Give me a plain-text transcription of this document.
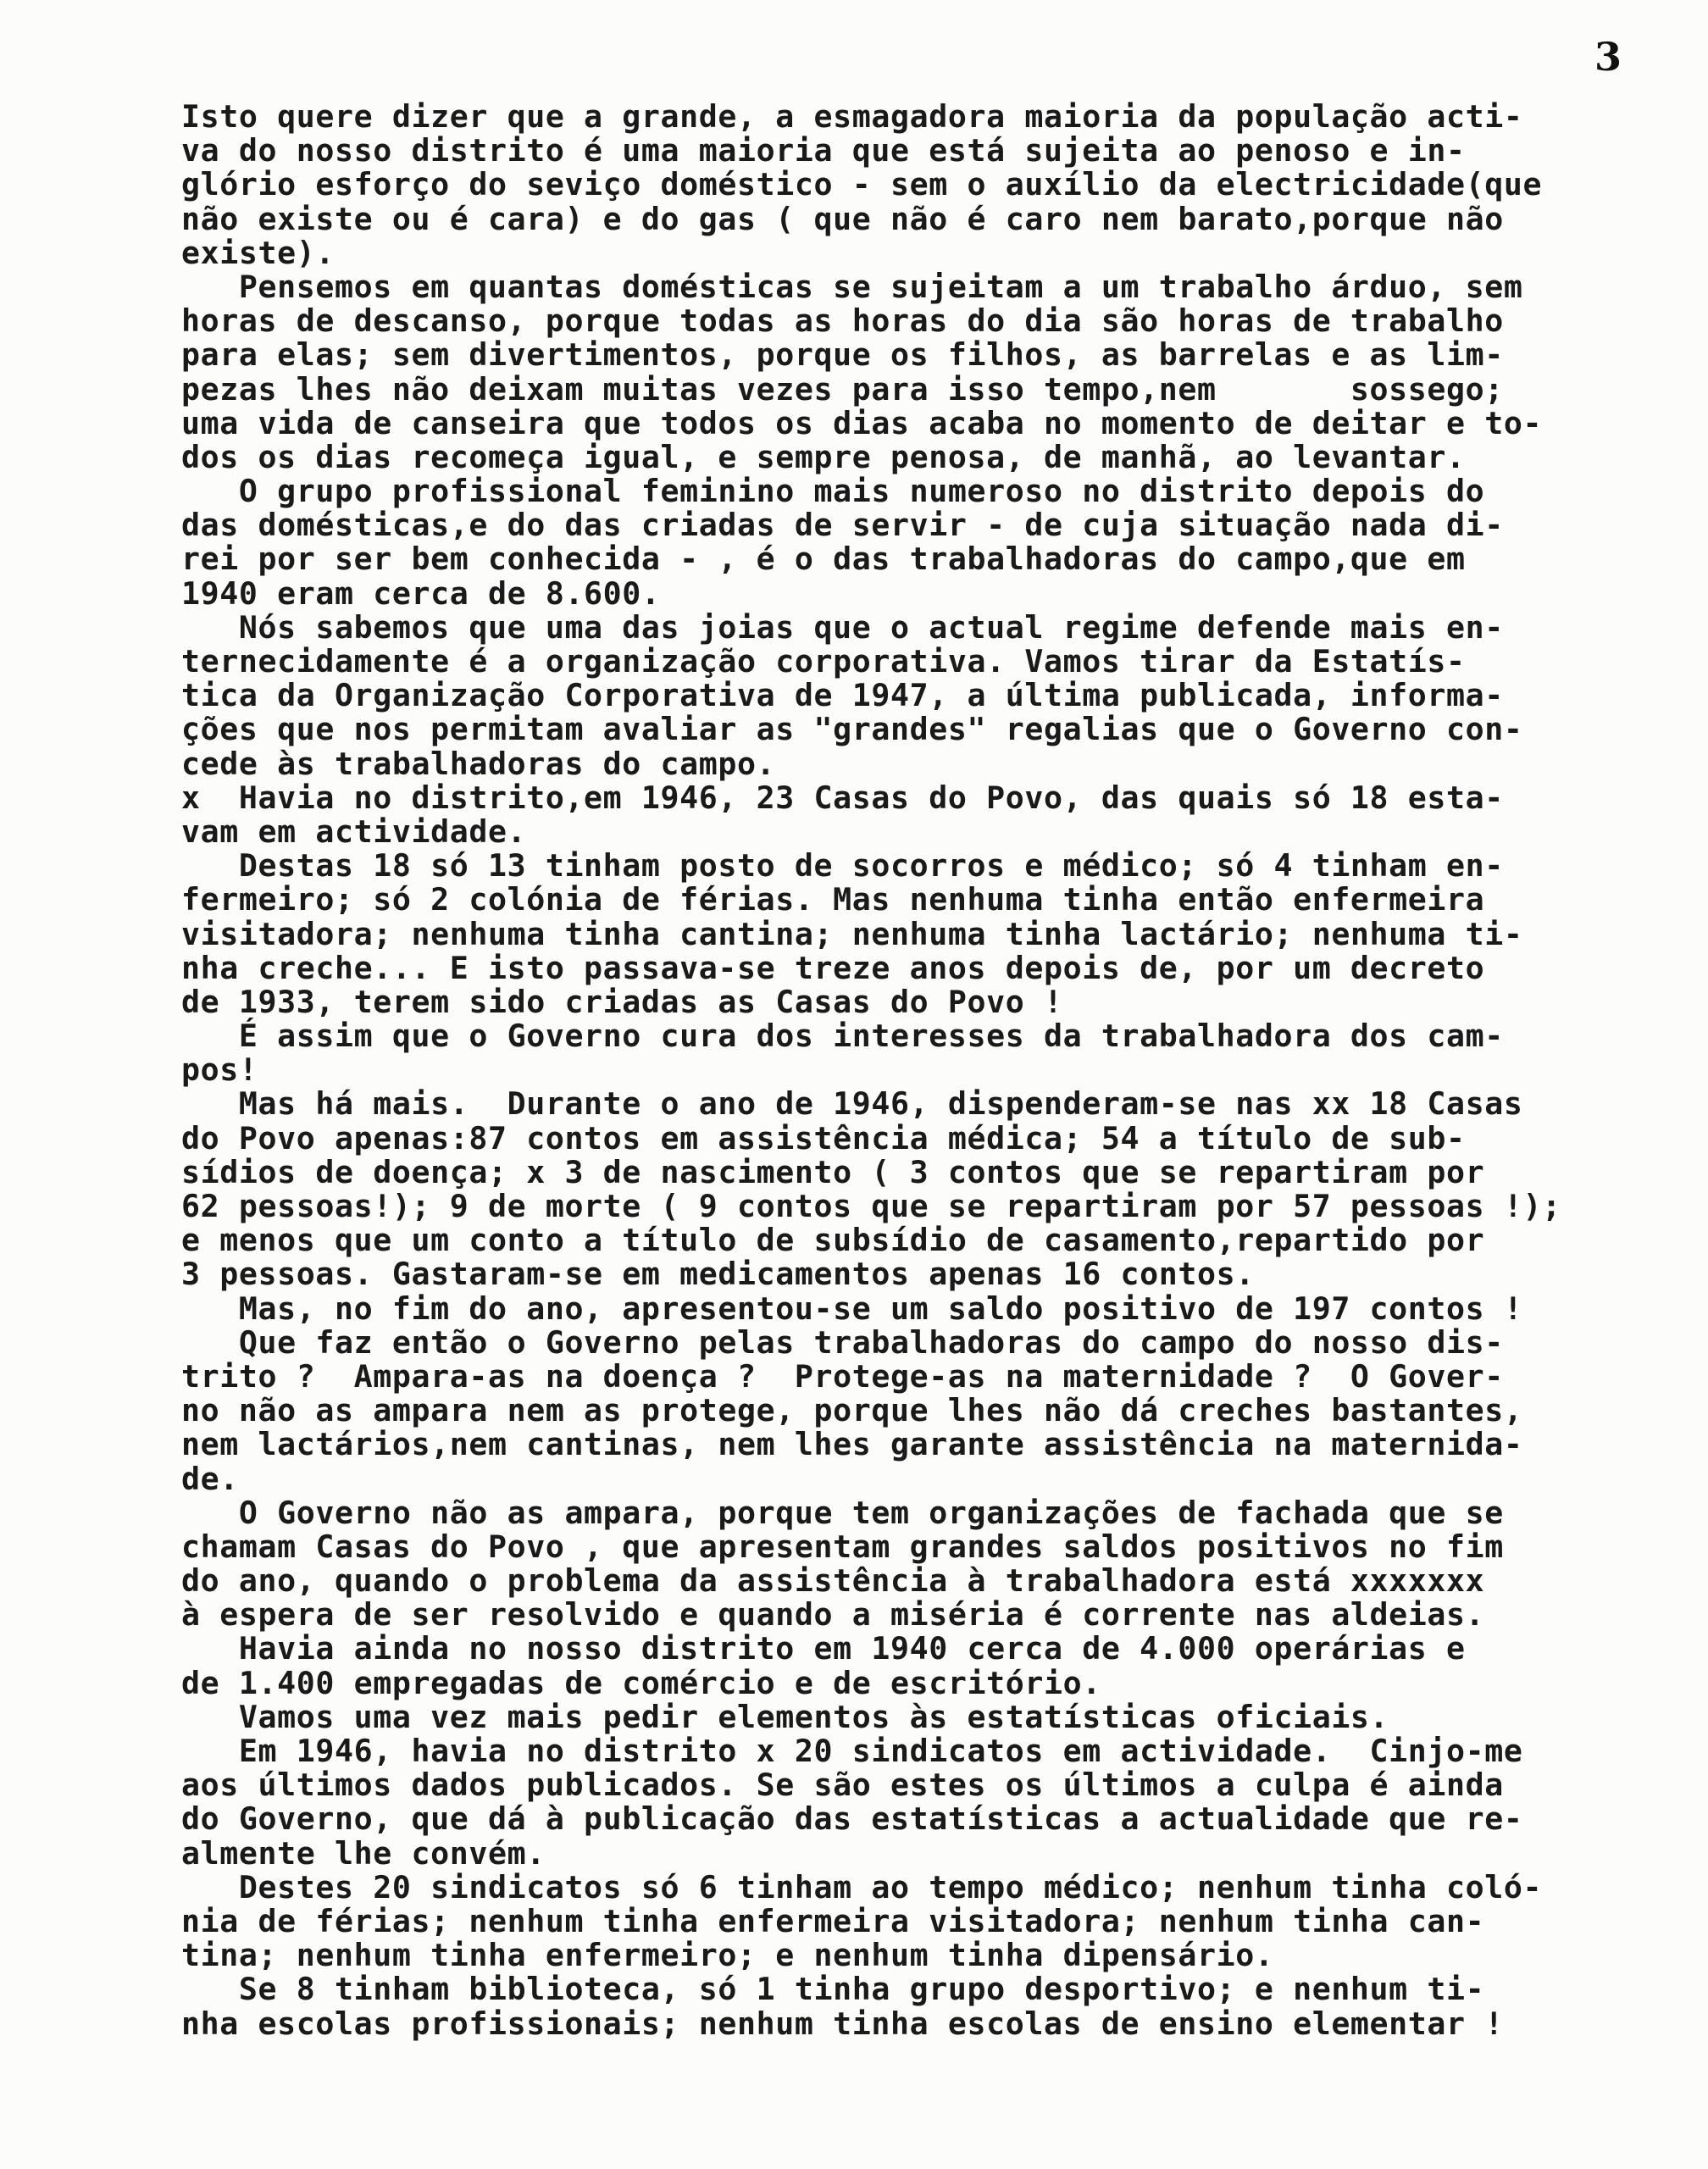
3
Isto quere dizer que a grande, a esmagadora maioria da população acti-
va do nosso distrito é uma maioria que está sujeita ao penoso e in-
glório esforço do seviço doméstico - sem o auxílio da electricidade(que
não existe ou é cara) e do gas ( que não é caro nem barato,porque não
existe).
Pensemos em quantas domésticas se sujeitam a um trabalho árduo, sem
horas de descanso, porque todas as horas do dia são horas de trabalho
para elas; sem divertimentos, porque os filhos, as barrelas e as lim-
pezas lhes não deixam muitas vezes para isso tempo,nem       sossego;
uma vida de canseira que todos os dias acaba no momento de deitar e to-
dos os dias recomeça igual, e sempre penosa, de manhã, ao levantar.
O grupo profissional feminino mais numeroso no distrito depois do
das domésticas,e do das criadas de servir - de cuja situação nada di-
rei por ser bem conhecida - , é o das trabalhadoras do campo,que em
1940 eram cerca de 8.600.
Nós sabemos que uma das joias que o actual regime defende mais en-
ternecidamente é a organização corporativa. Vamos tirar da Estatís-
tica da Organização Corporativa de 1947, a última publicada, informa-
ções que nos permitam avaliar as "grandes" regalias que o Governo con-
cede às trabalhadoras do campo.
x  Havia no distrito,em 1946, 23 Casas do Povo, das quais só 18 esta-
vam em actividade.
Destas 18 só 13 tinham posto de socorros e médico; só 4 tinham en-
fermeiro; só 2 colónia de férias. Mas nenhuma tinha então enfermeira
visitadora; nenhuma tinha cantina; nenhuma tinha lactário; nenhuma ti-
nha creche... E isto passava-se treze anos depois de, por um decreto
de 1933, terem sido criadas as Casas do Povo !
É assim que o Governo cura dos interesses da trabalhadora dos cam-
pos!
Mas há mais.  Durante o ano de 1946, dispenderam-se nas xx 18 Casas
do Povo apenas:87 contos em assistência médica; 54 a título de sub-
sídios de doença; x 3 de nascimento ( 3 contos que se repartiram por
62 pessoas!); 9 de morte ( 9 contos que se repartiram por 57 pessoas !);
e menos que um conto a título de subsídio de casamento,repartido por
3 pessoas. Gastaram-se em medicamentos apenas 16 contos.
Mas, no fim do ano, apresentou-se um saldo positivo de 197 contos !
Que faz então o Governo pelas trabalhadoras do campo do nosso dis-
trito ?  Ampara-as na doença ?  Protege-as na maternidade ?  O Gover-
no não as ampara nem as protege, porque lhes não dá creches bastantes,
nem lactários,nem cantinas, nem lhes garante assistência na maternida-
de.
O Governo não as ampara, porque tem organizações de fachada que se
chamam Casas do Povo , que apresentam grandes saldos positivos no fim
do ano, quando o problema da assistência à trabalhadora está xxxxxxx
à espera de ser resolvido e quando a miséria é corrente nas aldeias.
Havia ainda no nosso distrito em 1940 cerca de 4.000 operárias e
de 1.400 empregadas de comércio e de escritório.
Vamos uma vez mais pedir elementos às estatísticas oficiais.
Em 1946, havia no distrito x 20 sindicatos em actividade.  Cinjo-me
aos últimos dados publicados. Se são estes os últimos a culpa é ainda
do Governo, que dá à publicação das estatísticas a actualidade que re-
almente lhe convém.
Destes 20 sindicatos só 6 tinham ao tempo médico; nenhum tinha coló-
nia de férias; nenhum tinha enfermeira visitadora; nenhum tinha can-
tina; nenhum tinha enfermeiro; e nenhum tinha dipensário.
Se 8 tinham biblioteca, só 1 tinha grupo desportivo; e nenhum ti-
nha escolas profissionais; nenhum tinha escolas de ensino elementar !
